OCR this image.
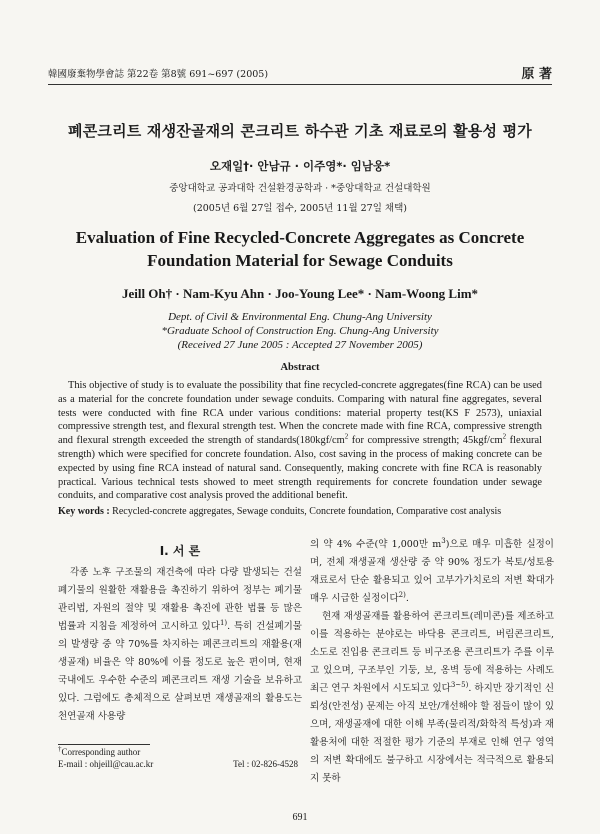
韓國廢棄物學會誌 第22卷 第8號 691~697 (2005)	原 著
폐콘크리트 재생잔골재의 콘크리트 하수관 기초 재료로의 활용성 평가
오재일†· 안남규 · 이주영*· 임남웅*
중앙대학교 공과대학 건설환경공학과 · *중앙대학교 건설대학원
(2005년 6월 27일 접수, 2005년 11월 27일 채택)
Evaluation of Fine Recycled-Concrete Aggregates as Concrete Foundation Material for Sewage Conduits
Jeill Oh† · Nam-Kyu Ahn · Joo-Young Lee* · Nam-Woong Lim*
Dept. of Civil & Environmental Eng. Chung-Ang University
*Graduate School of Construction Eng. Chung-Ang University
(Received 27 June 2005 : Accepted 27 November 2005)
Abstract
This objective of study is to evaluate the possibility that fine recycled-concrete aggregates(fine RCA) can be used as a material for the concrete foundation under sewage conduits. Comparing with natural fine aggregates, several tests were conducted with fine RCA under various conditions: material property test(KS F 2573), uniaxial compressive strength test, and flexural strength test. When the concrete made with fine RCA, compressive strength and flexural strength exceeded the strength of $standards(180kgf/cm^2$ for compressive strength; $45kgf/cm^2$ flexural strength) which were specified for concrete foundation. Also, cost saving in the process of making concrete can be expected by using fine RCA instead of natural sand. Consequently, making concrete with fine RCA is reasonably practical. Various technical tests showed to meet strength requirements for concrete foundation under sewage conduits, and comparative cost analysis proved the additional benefit.
Key words : Recycled-concrete aggregates, Sewage conduits, Concrete foundation, Comparative cost analysis
I. 서 론

각종 노후 구조물의 재건축에 따라 다량 발생되는 건설폐기물의 원활한 재활용을 촉진하기 위하여 정부는 폐기물 관리법, 자원의 절약 및 재활용 촉진에 관한 법률 등 많은 법률과 지침을 제정하여 고시하고 있다$^{1)}$. 특히 건설폐기물의 발생량 중 약 70%를 차지하는 폐콘크리트의 재활용(재생골재) 비율은 약 80%에 이를 정도로 높은 편이며, 현재 국내에도 우수한 수준의 폐콘크리트 재생 기술을 보유하고 있다. 그럼에도 총체적으로 살펴보면 재생골재의 활용도는 천연골재 사용량

의 약 4% 수준(약 1,000만 $m^3$)으로 매우 미흡한 실정이며, 전체 재생골재 생산량 중 약 90% 정도가 복토/성토용 재료로서 단순 활용되고 있어 고부가가치로의 저변 확대가 매우 시급한 실정이다$^{2)}$.

현재 재생골재를 활용하여 콘크리트(레미콘)를 제조하고 이를 적용하는 분야로는 바닥용 콘크리트, 버림콘크리트, 소도로 진입용 콘크리트 등 비구조용 콘크리트가 주를 이루고 있으며, 구조부인 기둥, 보, 옹벽 등에 적용하는 사례도 최근 연구 차원에서 시도되고 있다$^{3\sim 5)}$. 하지만 장기적인 신뢰성(안전성) 문제는 아직 보안/개선해야 할 점들이 많이 있으며, 재생골재에 대한 이해 부족(물리적/화학적 특성)과 재활용처에 대한 적절한 평가 기준의 부재로 인해 연구 영역의 저변 확대에도 불구하고 시장에서는 적극적으로 활용되지 못하

†Corresponding author
E-mail : ohjeill@cau.ac.kr	Tel : 02-826-4528
691
